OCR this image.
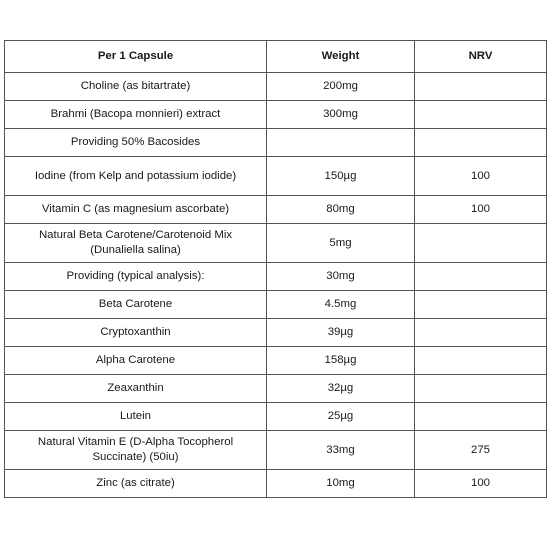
Per 1 Capsule	Weight	NRV
Choline (as bitartrate)	200mg	
Brahmi (Bacopa monnieri) extract	300mg	
Providing 50% Bacosides		
Iodine (from Kelp and potassium iodide)	150µg	100
Vitamin C (as magnesium ascorbate)	80mg	100
Natural Beta Carotene/Carotenoid Mix (Dunaliella salina)	5mg	
Providing (typical analysis):	30mg	
Beta Carotene	4.5mg	
Cryptoxanthin	39µg	
Alpha Carotene	158µg	
Zeaxanthin	32µg	
Lutein	25µg	
Natural Vitamin E (D-Alpha Tocopherol Succinate) (50iu)	33mg	275
Zinc (as citrate)	10mg	100
